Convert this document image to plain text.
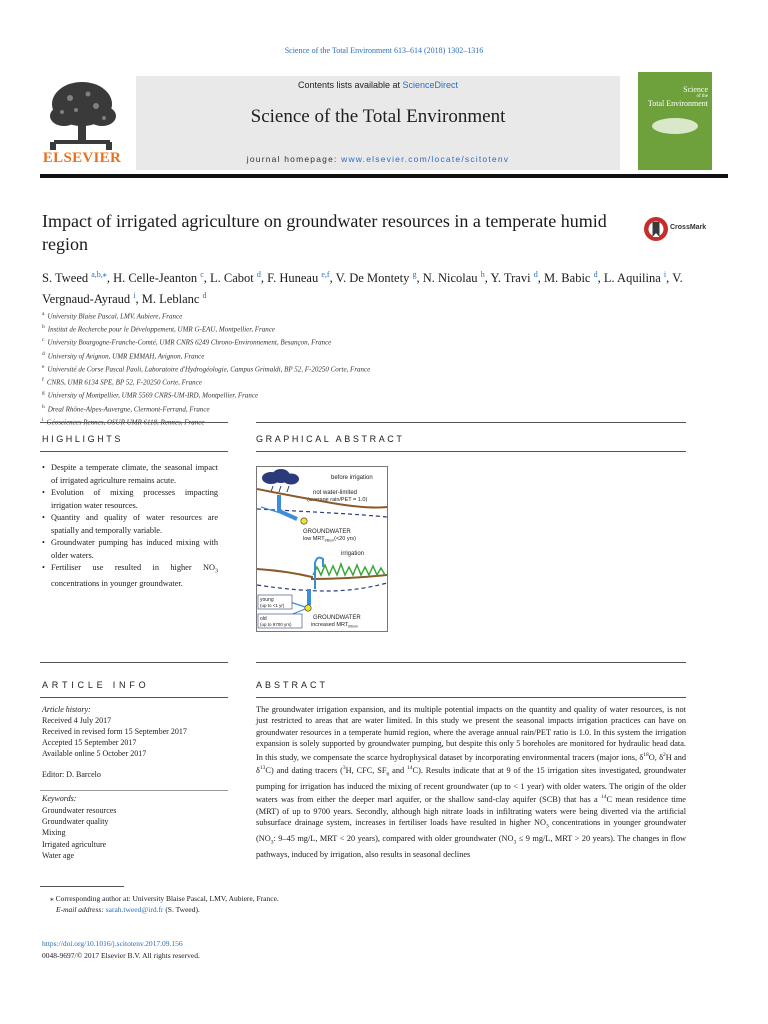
Science of the Total Environment 613–614 (2018) 1302–1316
ELSEVIER
Contents lists available at ScienceDirect
Science of the Total Environment
journal homepage: www.elsevier.com/locate/scitotenv
Science
of the
Total Environment
Impact of irrigated agriculture on groundwater resources in a temperate humid region
CrossMark
S. Tweed $^{a,b,⁎}$, H. Celle-Jeanton $^c$, L. Cabot $^d$, F. Huneau $^{e,f}$, V. De Montety $^g$, N. Nicolau $^h$, Y. Travi $^d$, M. Babic $^d$, L. Aquilina $^i$, V. Vergnaud-Ayraud $^i$, M. Leblanc $^d$
$^a$ University Blaise Pascal, LMV, Aubiere, France
$^b$ Institut de Recherche pour le Développement, UMR G-EAU, Montpellier, France
$^c$ University Bourgogne-Franche-Comté, UMR CNRS 6249 Chrono-Environnement, Besançon, France
$^d$ University of Avignon, UMR EMMAH, Avignon, France
$^e$ Université de Corse Pascal Paoli, Laboratoire d'Hydrogéologie, Campus Grimaldi, BP 52, F-20250 Corte, France
$^f$ CNRS, UMR 6134 SPE, BP 52, F-20250 Corte, France
$^g$ University of Montpellier, UMR 5569 CNRS-UM-IRD, Montpellier, France
$^h$ Dreal Rhône-Alpes-Auvergne, Clermont-Ferrand, France
$^i$
HIGHLIGHTS	GRAPHICAL ABSTRACT
• Despite a temperate climate, the seasonal impact of irrigated agriculture remains acute.
• Evolution of mixing processes impacting irrigation water resources.
• Quantity and quality of water resources are spatially and temporally variable.
• Groundwater pumping has induced mixing with older waters.
• Fertiliser use resulted in higher $NO_3$ concentrations in younger groundwater.
before irrigation
not water-limited
(average rain/PET = 1.0)
GROUNDWATER
low $MRT_{tritium}(<20$ yrs)
irrigation
young
(up to <1 yr)
old
(up to 9700 yrs)
GROUNDWATER
increased $MRT_{tritium}$
ARTICLE INFO	ABSTRACT
Article history:
Received 4 July 2017
Received in revised form 15 September 2017
Accepted 15 September 2017
Available online 5 October 2017
Editor: D. Barcelo
Keywords:
Groundwater resources
Groundwater quality
Mixing
Irrigated agriculture
Water age

The groundwater irrigation expansion, and its multiple potential impacts on the quantity and quality of water resources, is not just restricted to areas that are water limited. In this study we present the seasonal impacts irrigation practices can have on groundwater resources in a temperate humid region, where the average annual rain/PET ratio is 1.0. In this system the irrigation expansion is solely supported by groundwater pumping, but despite this only 5 boreholes are monitored for hydraulic head data. In this study, we compensate the scarce hydrophysical dataset by incorporating environmental tracers (major ions, $\delta^{18}O$, $\delta^2H$ and $\delta^{13}C$) and dating tracers ($^3$H, CFC, $SF_6$ and $^{14}$C). Results indicate that at 9 of the 15 irrigation sites investigated, groundwater pumping for irrigation has induced the mixing of recent groundwater (up to < 1 year) with older waters. The origin of the older waters was from either the deeper marl aquifer, or the shallow sand-clay aquifer (SCB) that has a $^{14}$C mean residence time (MRT) of up to 9700 years. Secondly, although high nitrate loads in infiltrating waters were being diverted via the artificial subsurface drainage system, increases in fertiliser loads have resulted in higher $NO_3$ concentrations in younger groundwater ($NO_3$: 9–45 mg/L, MRT < 20 years), compared with older groundwater ($NO_3 \le 9$ mg/L, MRT > 20 years). The changes in flow pathways, induced by irrigation, also results in seasonal declines

⁎ Corresponding author at: University Blaise Pascal, LMV, Aubiere, France.
E-mail address: sarah.tweed@ird.fr (S. Tweed).
https://doi.org/10.1016/j.scitotenv.2017.09.156
0048-9697/© 2017 Elsevier B.V. All rights reserved.
